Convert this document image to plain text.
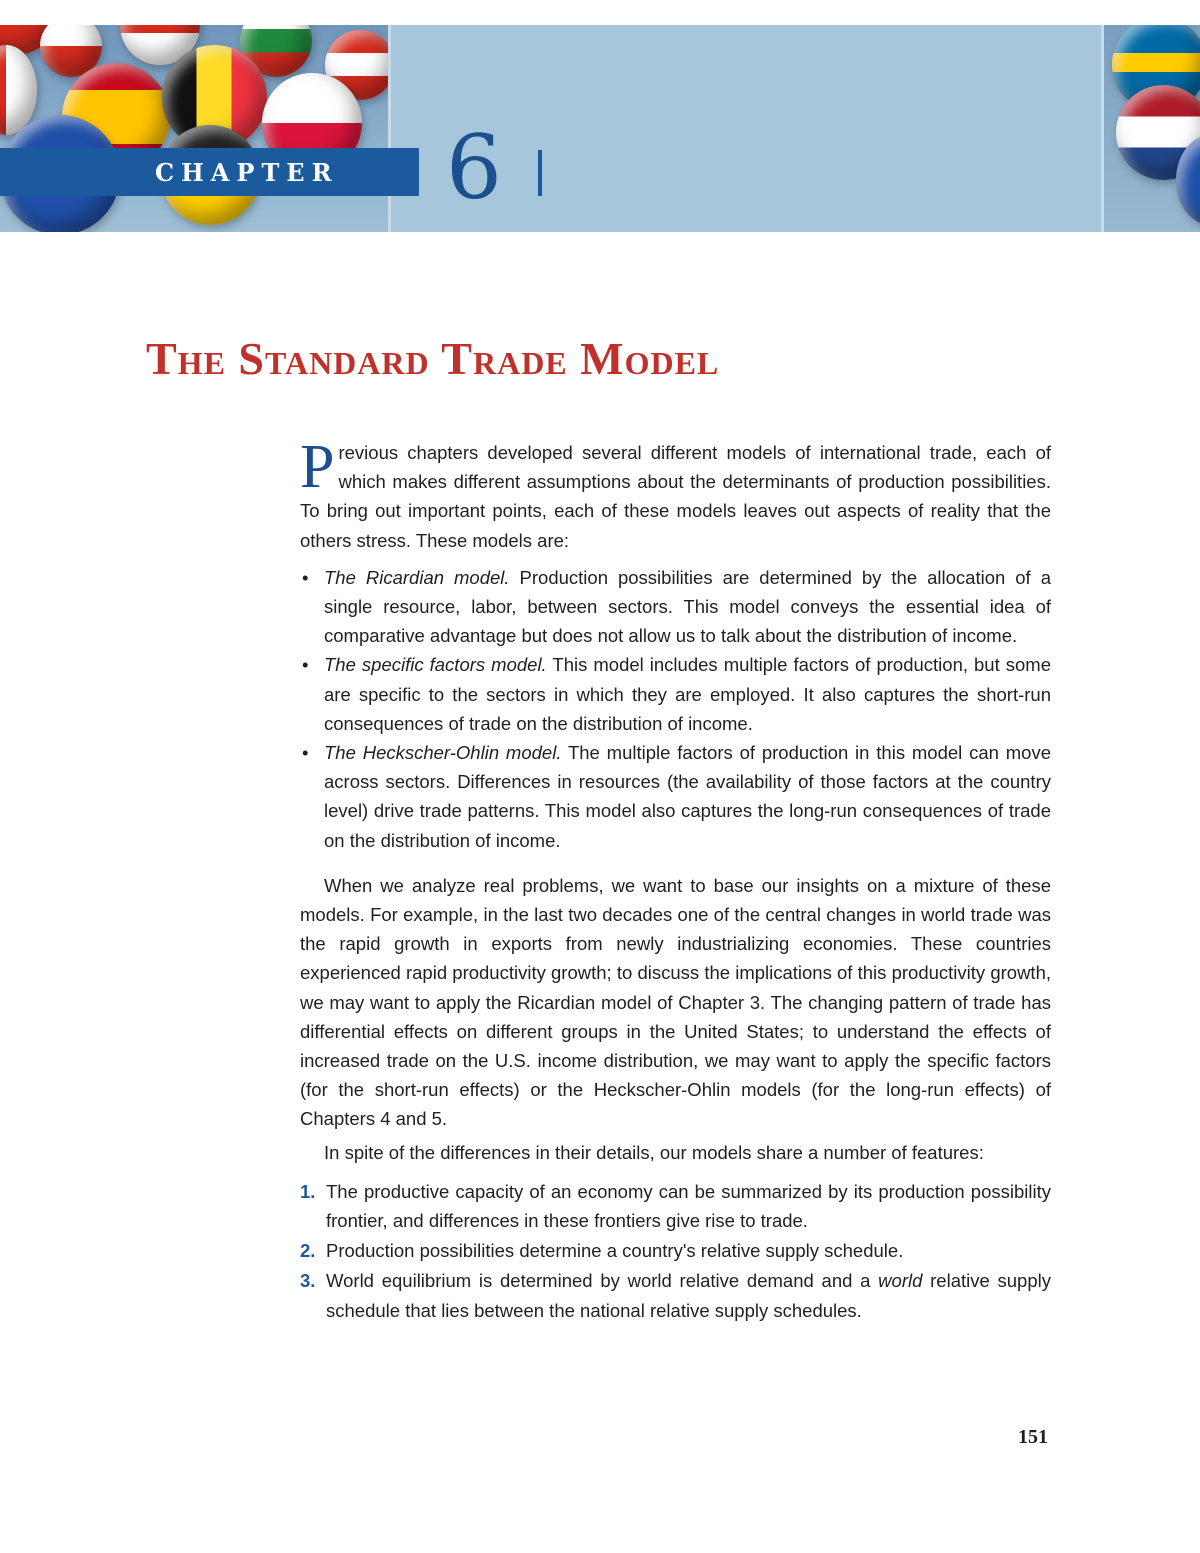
CHAPTER 6
The Standard Trade Model

Previous chapters developed several different models of international trade, each of which makes different assumptions about the determinants of production possibilities. To bring out important points, each of these models leaves out aspects of reality that the others stress. These models are:

• The Ricardian model. Production possibilities are determined by the allocation of a single resource, labor, between sectors. This model conveys the essential idea of comparative advantage but does not allow us to talk about the distribution of income.
• The specific factors model. This model includes multiple factors of production, but some are specific to the sectors in which they are employed. It also captures the short-run consequences of trade on the distribution of income.
• The Heckscher-Ohlin model. The multiple factors of production in this model can move across sectors. Differences in resources (the availability of those factors at the country level) drive trade patterns. This model also captures the long-run consequences of trade on the distribution of income.

When we analyze real problems, we want to base our insights on a mixture of these models. For example, in the last two decades one of the central changes in world trade was the rapid growth in exports from newly industrializing economies. These countries experienced rapid productivity growth; to discuss the implications of this productivity growth, we may want to apply the Ricardian model of Chapter 3. The changing pattern of trade has differential effects on different groups in the United States; to understand the effects of increased trade on the U.S. income distribution, we may want to apply the specific factors (for the short-run effects) or the Heckscher-Ohlin models (for the long-run effects) of Chapters 4 and 5.

In spite of the differences in their details, our models share a number of features:

1. The productive capacity of an economy can be summarized by its production possibility frontier, and differences in these frontiers give rise to trade.
2. Production possibilities determine a country's relative supply schedule.
3. World equilibrium is determined by world relative demand and a world relative supply schedule that lies between the national relative supply schedules.
151
